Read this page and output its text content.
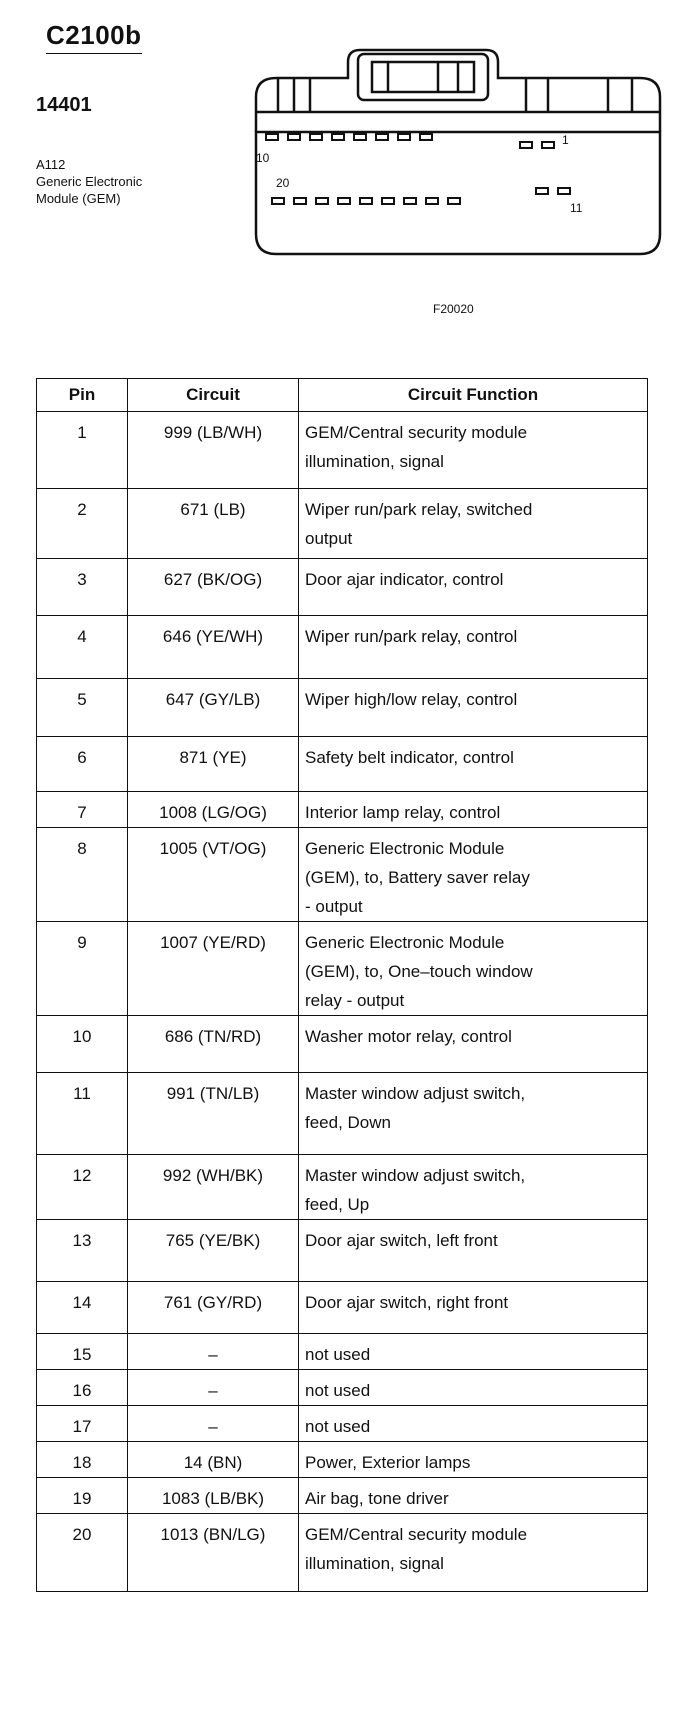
C2100b
14401
A112
Generic Electronic
Module (GEM)
10
1
20
11
F20020
Pin	Circuit	Circuit Function
1	999 (LB/WH)	GEM/Central security module
illumination, signal

2	671 (LB)	Wiper run/park relay, switched
output

3	627 (BK/OG)	Door ajar indicator, control

4	646 (YE/WH)	Wiper run/park relay, control

5	647 (GY/LB)	Wiper high/low relay, control

6	871 (YE)	Safety belt indicator, control

7	1008 (LG/OG)	Interior lamp relay, control

8	1005 (VT/OG)	Generic Electronic Module
(GEM), to, Battery saver relay
- output

9	1007 (YE/RD)	Generic Electronic Module
(GEM), to, One–touch window
relay - output

10	686 (TN/RD)	Washer motor relay, control

11	991 (TN/LB)	Master window adjust switch,
feed, Down

12	992 (WH/BK)	Master window adjust switch,
feed, Up

13	765 (YE/BK)	Door ajar switch, left front

14	761 (GY/RD)	Door ajar switch, right front

15	–	not used

16	–	not used

17	–	not used

18	14 (BN)	Power, Exterior lamps

19	1083 (LB/BK)	Air bag, tone driver

20	1013 (BN/LG)	GEM/Central security module
illumination, signal
